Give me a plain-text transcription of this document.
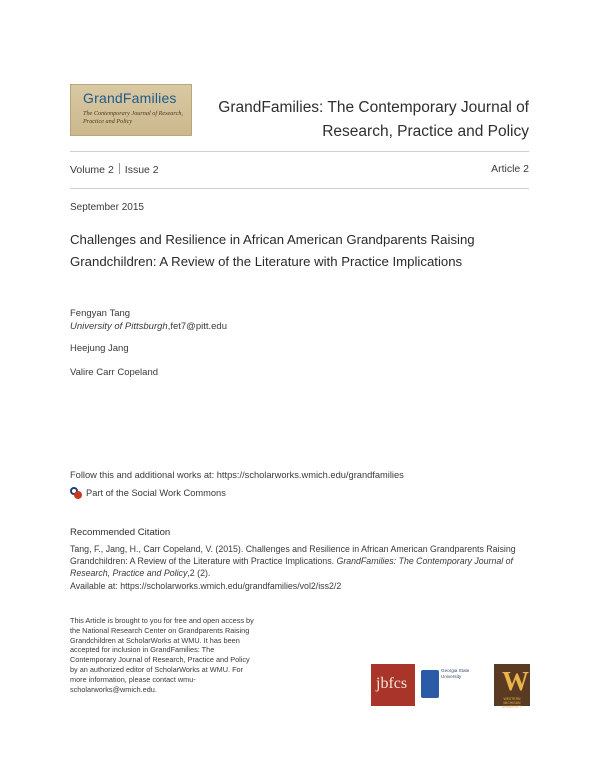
GrandFamilies
The Contemporary Journal of Research, Practice and Policy
GrandFamilies: The Contemporary Journal of
Research, Practice and Policy
Volume 2 Issue 2	Article 2
September 2015
Challenges and Resilience in African American Grandparents Raising Grandchildren: A Review of the Literature with Practice Implications
Fengyan Tang
University of Pittsburgh,fet7@pitt.edu
Heejung Jang
Valire Carr Copeland
Follow this and additional works at: https://scholarworks.wmich.edu/grandfamilies
Part of the Social Work Commons
Recommended Citation
Tang, F., Jang, H., Carr Copeland, V. (2015). Challenges and Resilience in African American Grandparents Raising Grandchildren: A Review of the Literature with Practice Implications. GrandFamilies: The Contemporary Journal of Research, Practice and Policy,2 (2).
Available at: https://scholarworks.wmich.edu/grandfamilies/vol2/iss2/2
This Article is brought to you for free and open access by
the National Research Center on Grandparents Raising
Grandchildren at ScholarWorks at WMU. It has been
accepted for inclusion in GrandFamilies: The
Contemporary Journal of Research, Practice and Policy
by an authorized editor of ScholarWorks at WMU. For
more information, please contact wmu-
scholarworks@wmich.edu.	jbfcs
Georgia State University	W
WESTERN MICHIGAN UNIVERSITY
